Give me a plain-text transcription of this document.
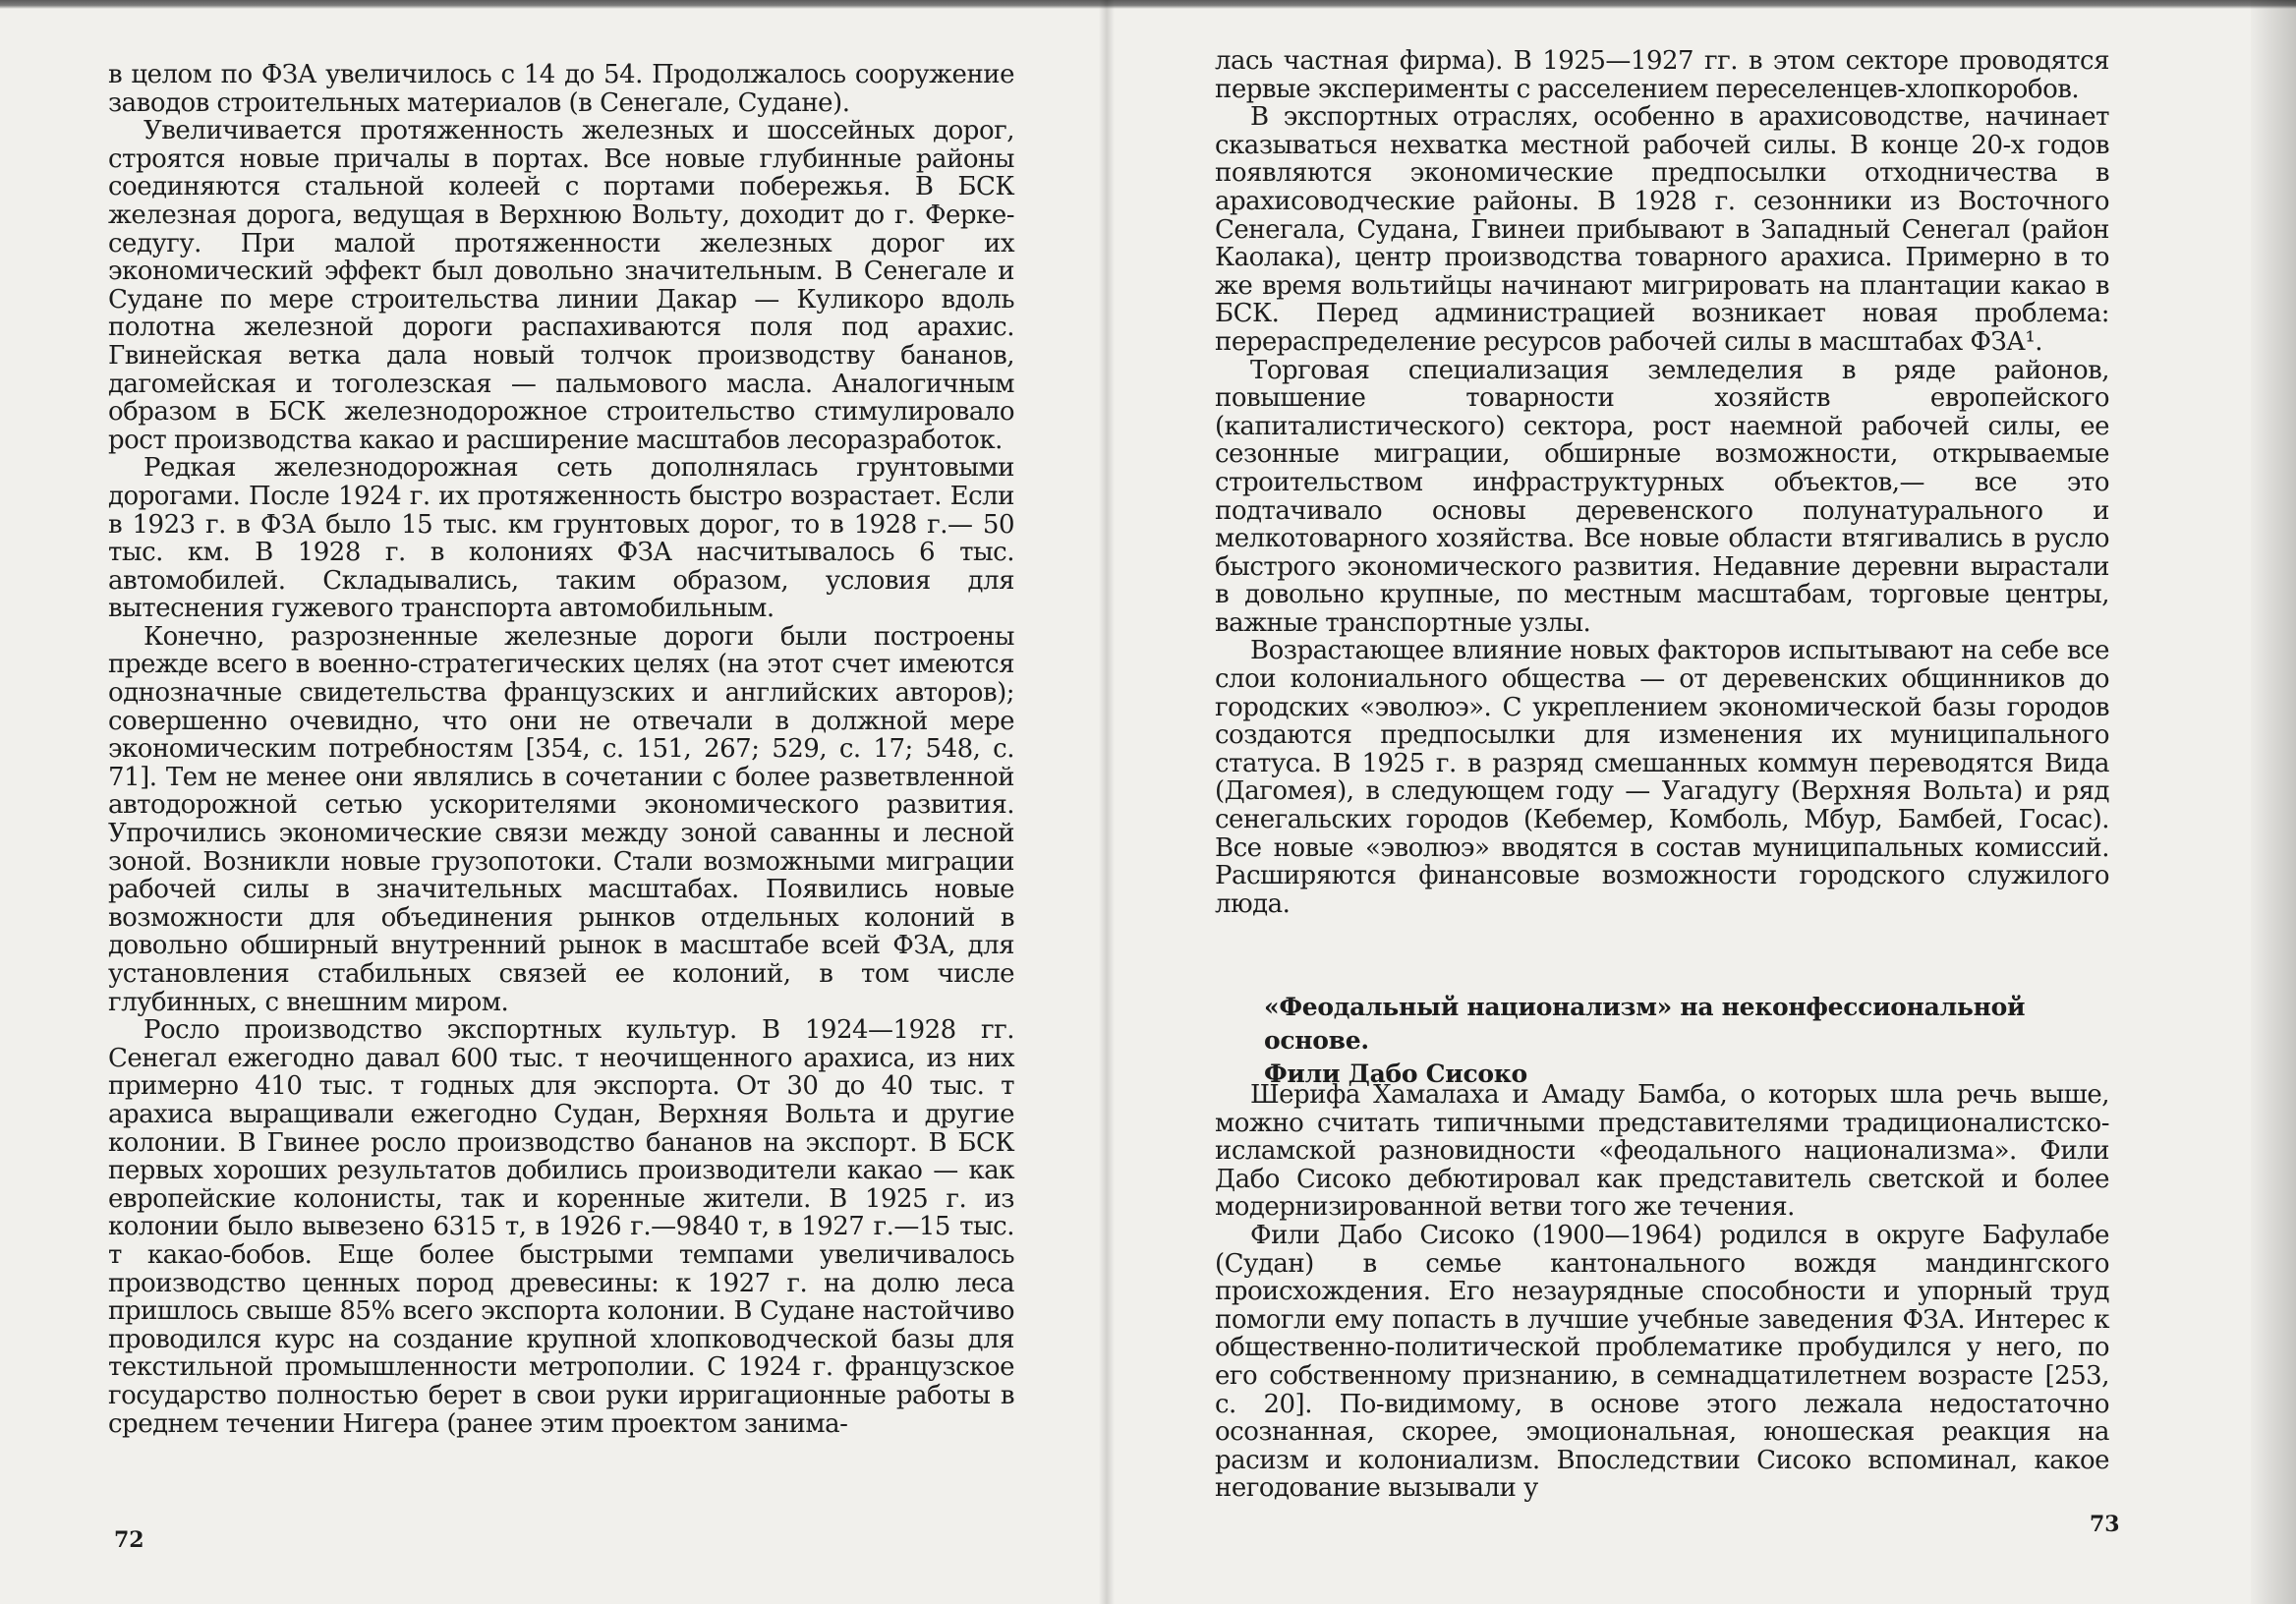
в целом по ФЗА увеличилось с 14 до 54. Продолжалось сооружение заводов строительных материалов (в Сенегале, Судане).

Увеличивается протяженность железных и шоссейных дорог, строятся новые причалы в портах. Все новые глубинные районы соединяются стальной колеей с портами побережья. В БСК железная дорога, ведущая в Верхнюю Вольту, доходит до г. Ферке-седугу. При малой протяженности железных дорог их экономический эффект был довольно значительным. В Сенегале и Судане по мере строительства линии Дакар — Куликоро вдоль полотна железной дороги распахиваются поля под арахис. Гвинейская ветка дала новый толчок производству бананов, дагомейская и тоголезская — пальмового масла. Аналогичным образом в БСК железнодорожное строительство стимулировало рост производства какао и расширение масштабов лесоразработок.

Редкая железнодорожная сеть дополнялась грунтовыми дорогами. После 1924 г. их протяженность быстро возрастает. Если в 1923 г. в ФЗА было 15 тыс. км грунтовых дорог, то в 1928 г.— 50 тыс. км. В 1928 г. в колониях ФЗА насчитывалось 6 тыс. автомобилей. Складывались, таким образом, условия для вытеснения гужевого транспорта автомобильным.

Конечно, разрозненные железные дороги были построены прежде всего в военно-стратегических целях (на этот счет имеются однозначные свидетельства французских и английских авторов); совершенно очевидно, что они не отвечали в должной мере экономическим потребностям [354, с. 151, 267; 529, с. 17; 548, с. 71]. Тем не менее они являлись в сочетании с более разветвленной автодорожной сетью ускорителями экономического развития. Упрочились экономические связи между зоной саванны и лесной зоной. Возникли новые грузопотоки. Стали возможными миграции рабочей силы в значительных масштабах. Появились новые возможности для объединения рынков отдельных колоний в довольно обширный внутренний рынок в масштабе всей ФЗА, для установления стабильных связей ее колоний, в том числе глубинных, с внешним миром.

Росло производство экспортных культур. В 1924—1928 гг. Сенегал ежегодно давал 600 тыс. т неочищенного арахиса, из них примерно 410 тыс. т годных для экспорта. От 30 до 40 тыс. т арахиса выращивали ежегодно Судан, Верхняя Вольта и другие колонии. В Гвинее росло производство бананов на экспорт. В БСК первых хороших результатов добились производители какао — как европейские колонисты, так и коренные жители. В 1925 г. из колонии было вывезено 6315 т, в 1926 г.—9840 т, в 1927 г.—15 тыс. т какао-бобов. Еще более быстрыми темпами увеличивалось производство ценных пород древесины: к 1927 г. на долю леса пришлось свыше 85% всего экспорта колонии. В Судане настойчиво проводился курс на создание крупной хлопководческой базы для текстильной промышленности метрополии. С 1924 г. французское государство полностью берет в свои руки ирригационные работы в среднем течении Нигера (ранее этим проектом занима-

72

лась частная фирма). В 1925—1927 гг. в этом секторе проводятся первые эксперименты с расселением переселенцев-хлопкоробов.

В экспортных отраслях, особенно в арахисоводстве, начинает сказываться нехватка местной рабочей силы. В конце 20-х годов появляются экономические предпосылки отходничества в арахисоводческие районы. В 1928 г. сезонники из Восточного Сенегала, Судана, Гвинеи прибывают в Западный Сенегал (район Каолака), центр производства товарного арахиса. Примерно в то же время вольтийцы начинают мигрировать на плантации какао в БСК. Перед администрацией возникает новая проблема: перераспределение ресурсов рабочей силы в масштабах ФЗА¹.

Торговая специализация земледелия в ряде районов, повышение товарности хозяйств европейского (капиталистического) сектора, рост наемной рабочей силы, ее сезонные миграции, обширные возможности, открываемые строительством инфраструктурных объектов,— все это подтачивало основы деревенского полунатурального и мелкотоварного хозяйства. Все новые области втягивались в русло быстрого экономического развития. Недавние деревни вырастали в довольно крупные, по местным масштабам, торговые центры, важные транспортные узлы.

Возрастающее влияние новых факторов испытывают на себе все слои колониального общества — от деревенских общинников до городских «эволюэ». С укреплением экономической базы городов создаются предпосылки для изменения их муниципального статуса. В 1925 г. в разряд смешанных коммун переводятся Вида (Дагомея), в следующем году — Уагадугу (Верхняя Вольта) и ряд сенегальских городов (Кебемер, Комболь, Мбур, Бамбей, Госас). Все новые «эволюэ» вводятся в состав муниципальных комиссий. Расширяются финансовые возможности городского служилого люда.

«Феодальный национализм» на неконфессиональной основе.

Фили Дабо Сисоко

Шерифа Хамалаха и Амаду Бамба, о которых шла речь выше, можно считать типичными представителями традиционалистско-исламской разновидности «феодального национализма». Фили Дабо Сисоко дебютировал как представитель светской и более модернизированной ветви того же течения.

Фили Дабо Сисоко (1900—1964) родился в округе Бафулабе (Судан) в семье кантонального вождя мандингского происхождения. Его незаурядные способности и упорный труд помогли ему попасть в лучшие учебные заведения ФЗА. Интерес к общественно-политической проблематике пробудился у него, по его собственному признанию, в семнадцатилетнем возрасте [253, с. 20]. По-видимому, в основе этого лежала недостаточно осознанная, скорее, эмоциональная, юношеская реакция на расизм и колониализм. Впоследствии Сисоко вспоминал, какое негодование вызывали у

73
